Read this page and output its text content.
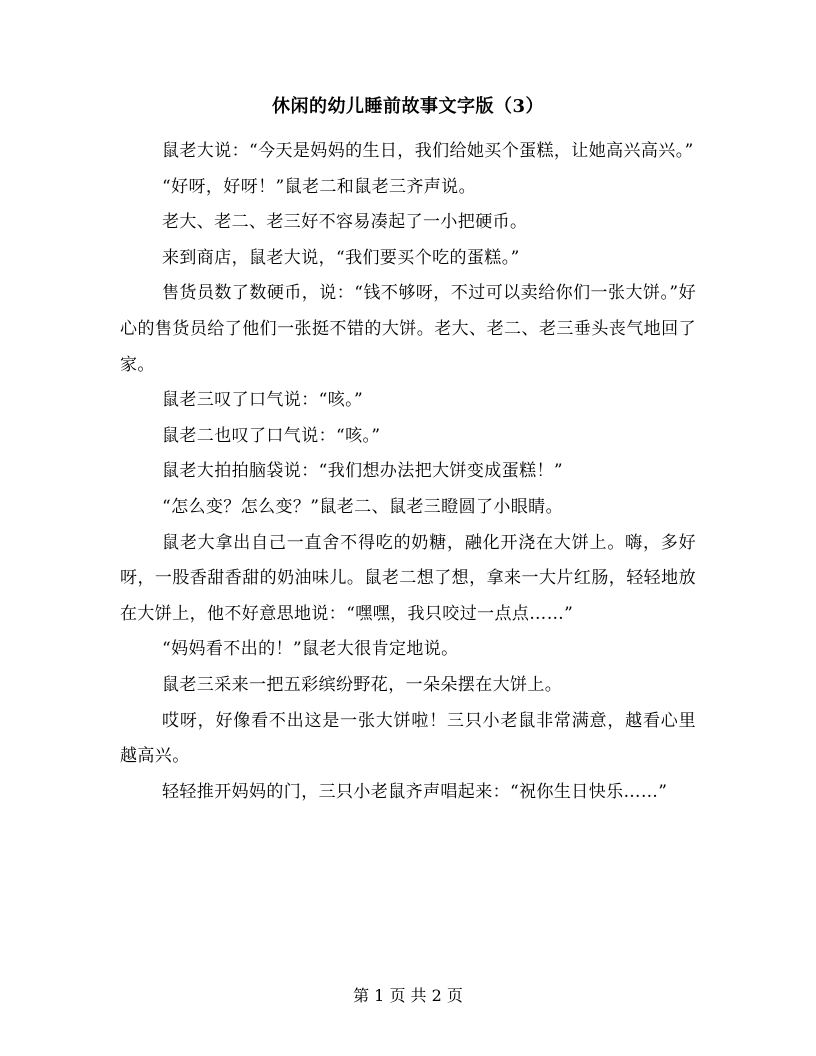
休闲的幼儿睡前故事文字版（3）

鼠老大说：“今天是妈妈的生日，我们给她买个蛋糕，让她高兴高兴。”

“好呀，好呀！”鼠老二和鼠老三齐声说。

老大、老二、老三好不容易凑起了一小把硬币。

来到商店，鼠老大说，“我们要买个吃的蛋糕。”

售货员数了数硬币，说：“钱不够呀，不过可以卖给你们一张大饼。”好心的售货员给了他们一张挺不错的大饼。老大、老二、老三垂头丧气地回了家。

鼠老三叹了口气说：“咳。”

鼠老二也叹了口气说：“咳。”

鼠老大拍拍脑袋说：“我们想办法把大饼变成蛋糕！”

“怎么变？怎么变？”鼠老二、鼠老三瞪圆了小眼睛。

鼠老大拿出自己一直舍不得吃的奶糖，融化开浇在大饼上。嗨，多好呀，一股香甜香甜的奶油味儿。鼠老二想了想，拿来一大片红肠，轻轻地放在大饼上，他不好意思地说：“嘿嘿，我只咬过一点点……”

“妈妈看不出的！”鼠老大很肯定地说。

鼠老三采来一把五彩缤纷野花，一朵朵摆在大饼上。

哎呀，好像看不出这是一张大饼啦！三只小老鼠非常满意，越看心里越高兴。

轻轻推开妈妈的门，三只小老鼠齐声唱起来：“祝你生日快乐……”

第 1 页 共 2 页
